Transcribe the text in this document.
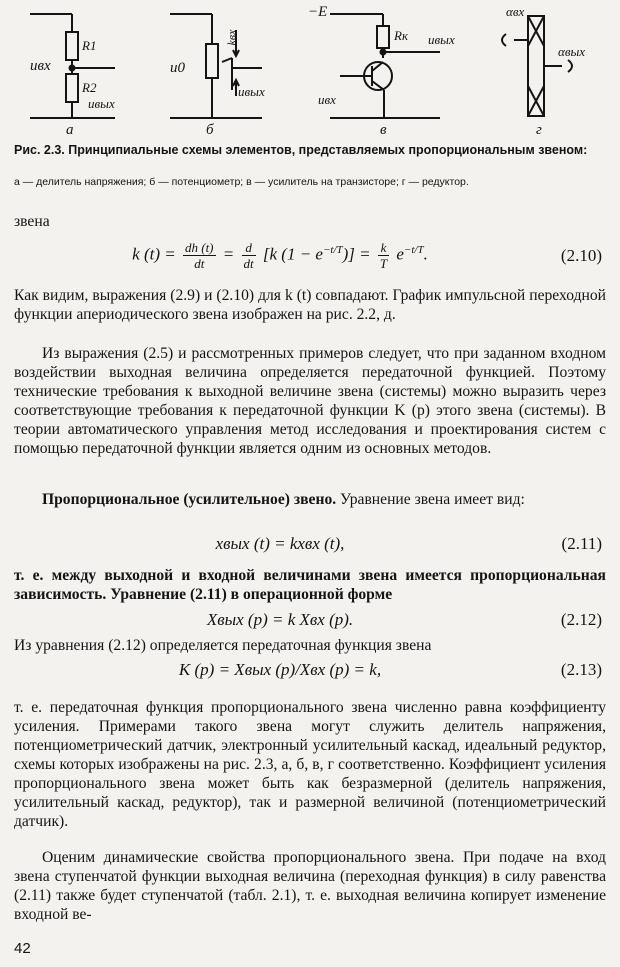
uвх
R1
R2
uвых
а
u0
kвх
uвых
б
−E
Rк uвых
uвх
в
αвх
αвых
г
Рис. 2.3. Принципиальные схемы элементов, представляемых пропорциональным звеном:
а — делитель напряжения; б — потенциометр; в — усилитель на транзисторе; г — редуктор.
звена
k $(t) = \frac{dh (t)}{dt} = \frac{d}{dt} [k$ $(1 - e^{-t/T})] = \frac{k}{T} e^{-t/T}$.	(2.10)
Как видим, выражения (2.9) и (2.10) для k (t) совпадают. График импульсной переходной функции апериодического звена изображен на рис. 2.2, д.
Из выражения (2.5) и рассмотренных примеров следует, что при заданном входном воздействии выходная величина определяется передаточной функцией. Поэтому технические требования к выходной величине звена (системы) можно выразить через соответствующие требования к передаточной функции K (p) этого звена (системы). В теории автоматического управления метод исследования и проектирования систем с помощью передаточной функции является одним из основных методов.
Пропорциональное (усилительное) звено. Уравнение звена имеет вид:
xвых (t) = kxвх (t),	(2.11)
т. е. между выходной и входной величинами звена имеется пропорциональная зависимость. Уравнение (2.11) в операционной форме
Xвых (p) = k Xвх (p).	(2.12)
Из уравнения (2.12) определяется передаточная функция звена
K (p) = Xвых (p)/Xвх (p) = k,	(2.13)
т. е. передаточная функция пропорционального звена численно равна коэффициенту усиления. Примерами такого звена могут служить делитель напряжения, потенциометрический датчик, электронный усилительный каскад, идеальный редуктор, схемы которых изображены на рис. 2.3, а, б, в, г соответственно. Коэффициент усиления пропорционального звена может быть как безразмерной (делитель напряжения, усилительный каскад, редуктор), так и размерной величиной (потенциометрический датчик).
Оценим динамические свойства пропорционального звена. При подаче на вход звена ступенчатой функции выходная величина (переходная функция) в силу равенства (2.11) также будет ступенчатой (табл. 2.1), т. е. выходная величина копирует изменение входной ве-
42
